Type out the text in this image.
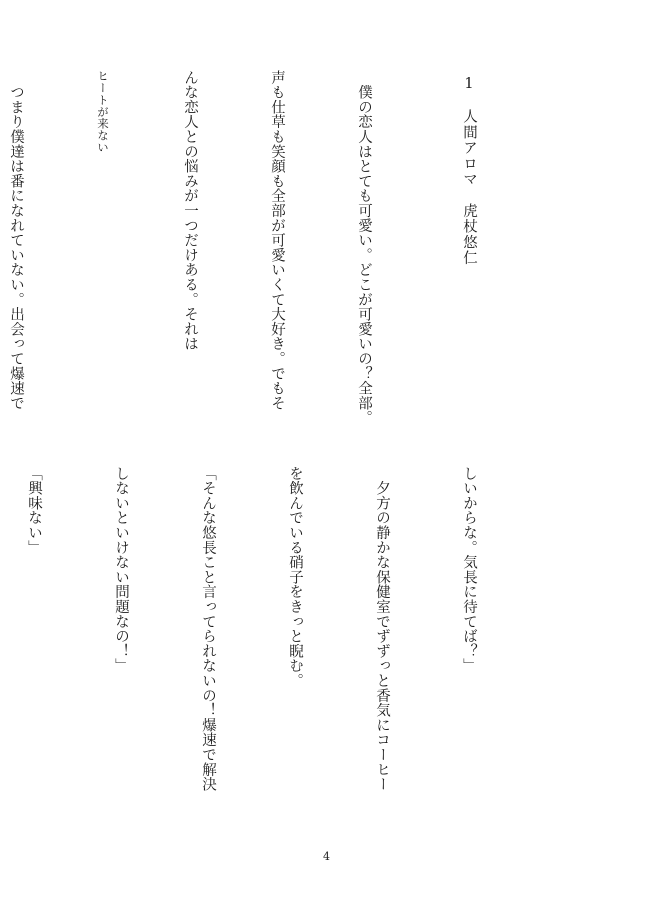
1　人間アロマ　虎杖悠仁

　僕の恋人はとても可愛い。どこが可愛いの？全部。

声も仕草も笑顔も全部が可愛いくて大好き。でもそ

んな恋人との悩みが一つだけある。それは

ヒートが来ない

　つまり僕達は番になれていない。出会って爆速で

しいからな。気長に待てば？」

　夕方の静かな保健室でずずっと香気にコーヒー

を飲んでいる硝子をきっと睨む。

「そんな悠長こと言ってられないの！爆速で解決

しないといけない問題なの！」

「興味ない」

4
